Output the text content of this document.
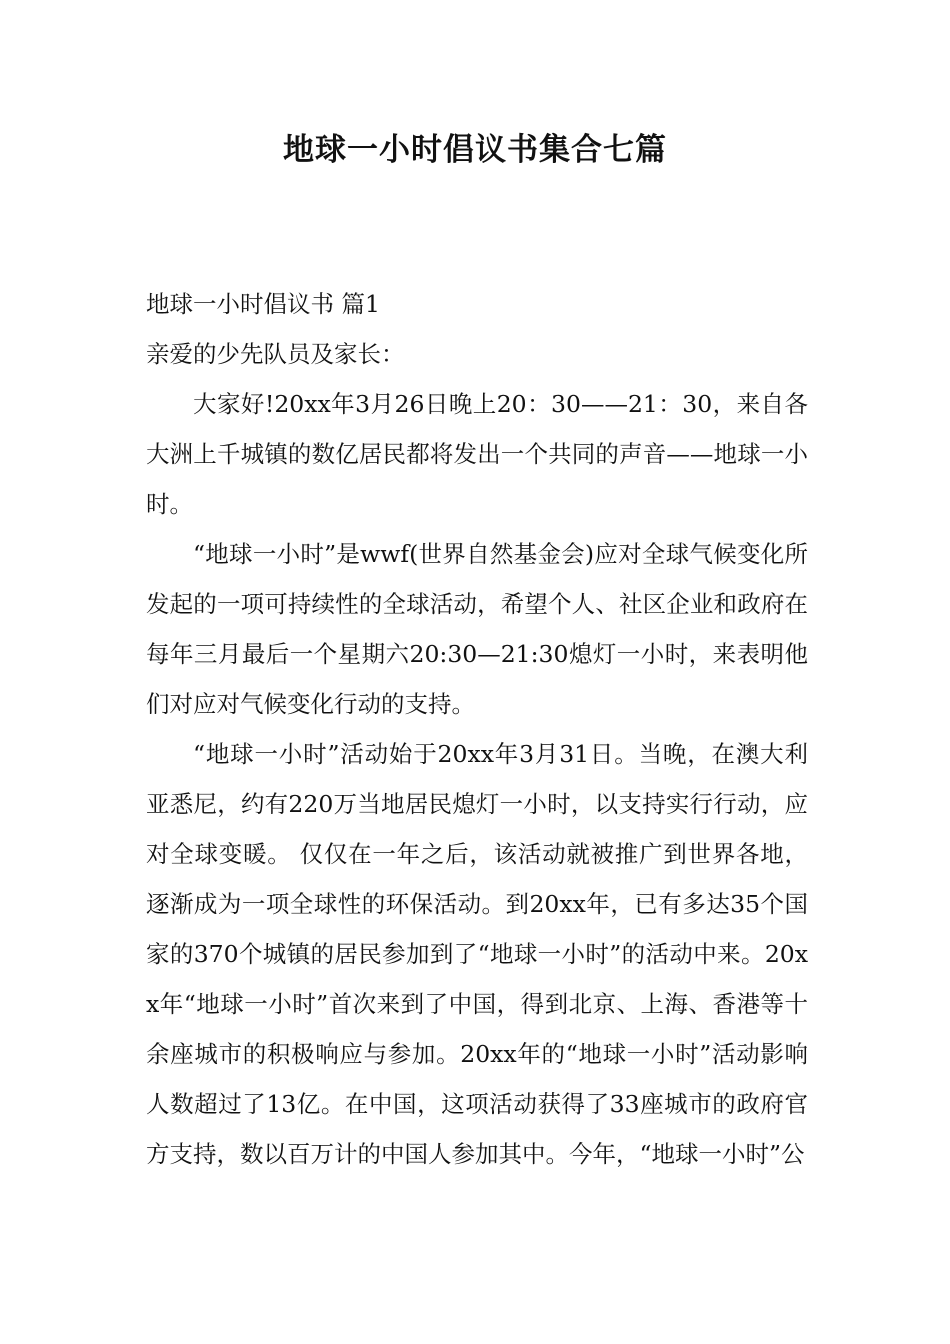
地球一小时倡议书集合七篇

地球一小时倡议书 篇1

亲爱的少先队员及家长：

大家好!20xx年3月26日晚上20：30——21：30，来自各大洲上千城镇的数亿居民都将发出一个共同的声音——地球一小时。

“地球一小时”是wwf(世界自然基金会)应对全球气候变化所发起的一项可持续性的全球活动，希望个人、社区企业和政府在每年三月最后一个星期六20:30—21:30熄灯一小时，来表明他们对应对气候变化行动的支持。

“地球一小时”活动始于20xx年3月31日。当晚，在澳大利亚悉尼，约有220万当地居民熄灯一小时，以支持实行行动，应对全球变暖。 仅仅在一年之后，该活动就被推广到世界各地，逐渐成为一项全球性的环保活动。到20xx年，已有多达35个国家的370个城镇的居民参加到了“地球一小时”的活动中来。20xx年“地球一小时”首次来到了中国，得到北京、上海、香港等十余座城市的积极响应与参加。20xx年的“地球一小时”活动影响人数超过了13亿。在中国，这项活动获得了33座城市的政府官方支持，数以百万计的中国人参加其中。今年，“地球一小时”公
